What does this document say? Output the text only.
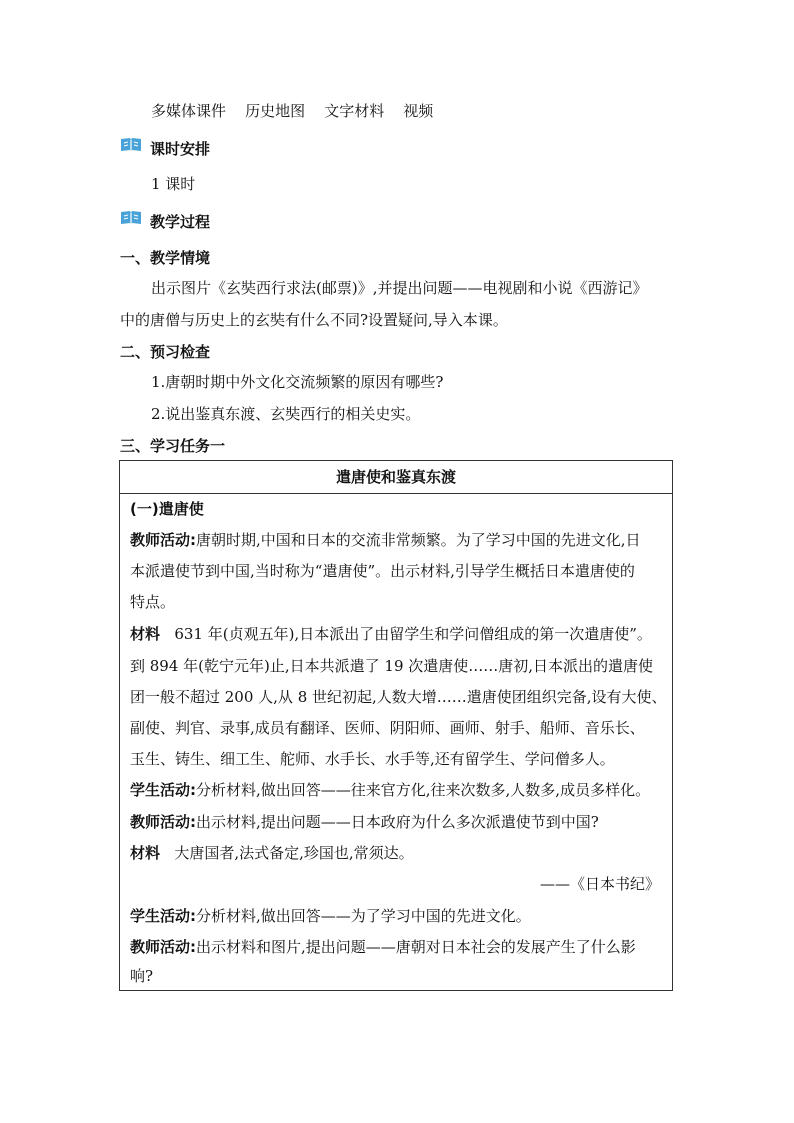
多媒体课件 历史地图 文字材料 视频
课时安排
1 课时
教学过程
一、教学情境
出示图片《玄奘西行求法(邮票)》,并提出问题——电视剧和小说《西游记》
中的唐僧与历史上的玄奘有什么不同?设置疑问,导入本课。
二、预习检查
1.唐朝时期中外文化交流频繁的原因有哪些?
2.说出鉴真东渡、玄奘西行的相关史实。
三、学习任务一
遣唐使和鉴真东渡
(一)遣唐使
教师活动:唐朝时期,中国和日本的交流非常频繁。为了学习中国的先进文化,日
本派遣使节到中国,当时称为“遣唐使”。出示材料,引导学生概括日本遣唐使的
特点。
材料 631 年(贞观五年),日本派出了由留学生和学问僧组成的第一次遣唐使”。
到 894 年(乾宁元年)止,日本共派遣了 19 次遣唐使……唐初,日本派出的遣唐使
团一般不超过 200 人,从 8 世纪初起,人数大增……遣唐使团组织完备,设有大使、
副使、判官、录事,成员有翻译、医师、阴阳师、画师、射手、船师、音乐长、
玉生、铸生、细工生、舵师、水手长、水手等,还有留学生、学问僧多人。
学生活动:分析材料,做出回答——往来官方化,往来次数多,人数多,成员多样化。
教师活动:出示材料,提出问题——日本政府为什么多次派遣使节到中国?
材料 大唐国者,法式备定,珍国也,常须达。
——《日本书纪》
学生活动:分析材料,做出回答——为了学习中国的先进文化。
教师活动:出示材料和图片,提出问题——唐朝对日本社会的发展产生了什么影
响?
